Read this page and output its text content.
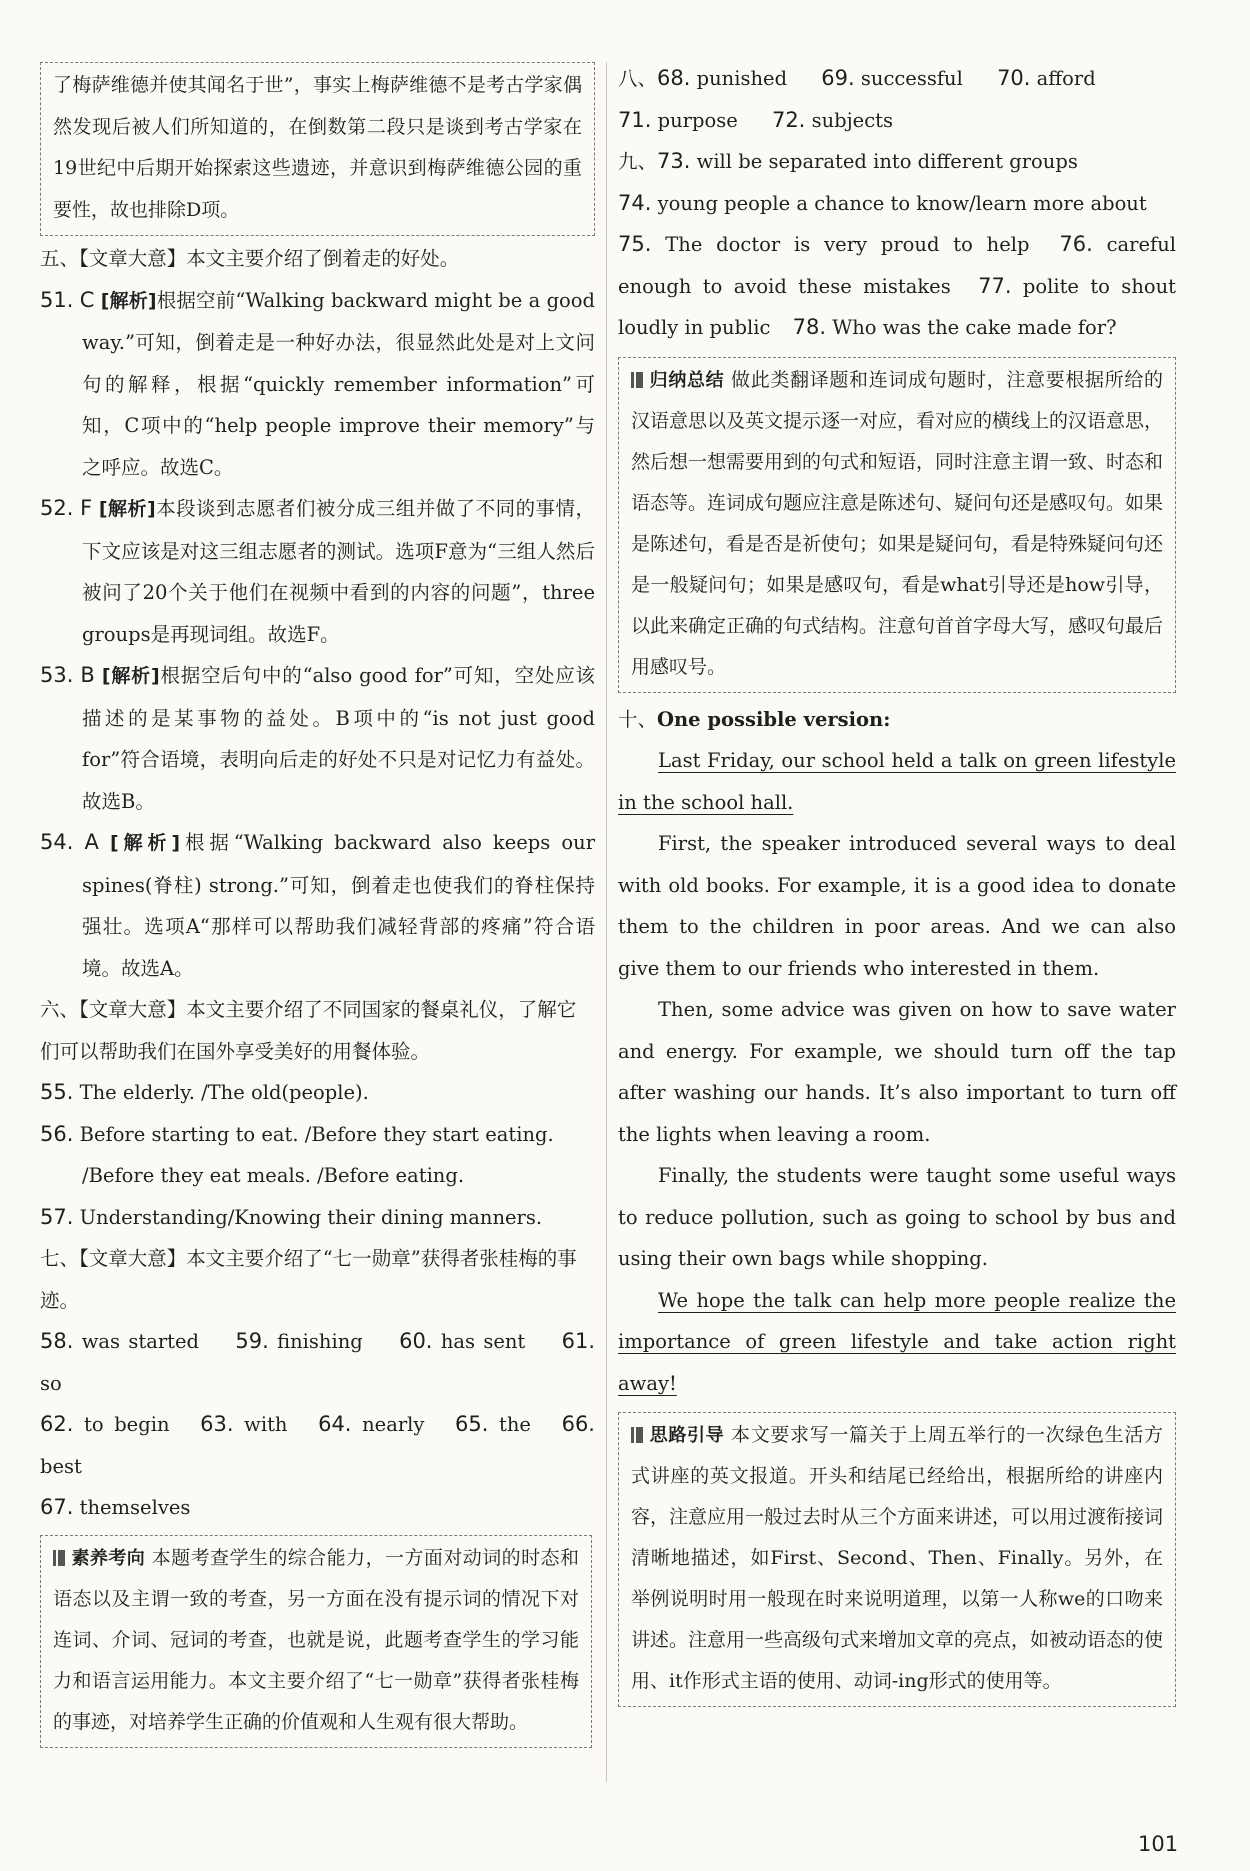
了梅萨维德并使其闻名于世”，事实上梅萨维德不是考古学家偶然发现后被人们所知道的，在倒数第二段只是谈到考古学家在19世纪中后期开始探索这些遗迹，并意识到梅萨维德公园的重要性，故也排除D项。
五、【文章大意】本文主要介绍了倒着走的好处。
51. C [解析]根据空前“Walking backward might be a good way.”可知，倒着走是一种好办法，很显然此处是对上文问句的解释，根据“quickly remember information”可知，C项中的“help people improve their memory”与之呼应。故选C。
52. F [解析]本段谈到志愿者们被分成三组并做了不同的事情，下文应该是对这三组志愿者的测试。选项F意为“三组人然后被问了20个关于他们在视频中看到的内容的问题”，three groups是再现词组。故选F。
53. B [解析]根据空后句中的“also good for”可知，空处应该描述的是某事物的益处。B项中的“is not just good for”符合语境，表明向后走的好处不只是对记忆力有益处。故选B。
54. A [解析]根据“Walking backward also keeps our spines(脊柱) strong.”可知，倒着走也使我们的脊柱保持强壮。选项A“那样可以帮助我们减轻背部的疼痛”符合语境。故选A。
六、【文章大意】本文主要介绍了不同国家的餐桌礼仪，了解它们可以帮助我们在国外享受美好的用餐体验。
55. The elderly. /The old(people).
56. Before starting to eat. /Before they start eating. /Before they eat meals. /Before eating.
57. Understanding/Knowing their dining manners.
七、【文章大意】本文主要介绍了“七一勋章”获得者张桂梅的事迹。
58. was started 59. finishing 60. has sent 61. so
62. to begin 63. with 64. nearly 65. the 66. best
67. themselves
素养考向 本题考查学生的综合能力，一方面对动词的时态和语态以及主谓一致的考查，另一方面在没有提示词的情况下对连词、介词、冠词的考查，也就是说，此题考查学生的学习能力和语言运用能力。本文主要介绍了“七一勋章”获得者张桂梅的事迹，对培养学生正确的价值观和人生观有很大帮助。
八、68. punished 69. successful 70. afford
71. purpose 72. subjects
九、73. will be separated into different groups
74. young people a chance to know/learn more about
75. The doctor is very proud to help 76. careful enough to avoid these mistakes 77. polite to shout loudly in public 78. Who was the cake made for?
归纳总结 做此类翻译题和连词成句题时，注意要根据所给的汉语意思以及英文提示逐一对应，看对应的横线上的汉语意思，然后想一想需要用到的句式和短语，同时注意主谓一致、时态和语态等。连词成句题应注意是陈述句、疑问句还是感叹句。如果是陈述句，看是否是祈使句；如果是疑问句，看是特殊疑问句还是一般疑问句；如果是感叹句，看是what引导还是how引导，以此来确定正确的句式结构。注意句首首字母大写，感叹句最后用感叹号。
十、One possible version:
Last Friday, our school held a talk on green lifestyle in the school hall.
First, the speaker introduced several ways to deal with old books. For example, it is a good idea to donate them to the children in poor areas. And we can also give them to our friends who interested in them.
Then, some advice was given on how to save water and energy. For example, we should turn off the tap after washing our hands. It’s also important to turn off the lights when leaving a room.
Finally, the students were taught some useful ways to reduce pollution, such as going to school by bus and using their own bags while shopping.
We hope the talk can help more people realize the importance of green lifestyle and take action right away!
思路引导 本文要求写一篇关于上周五举行的一次绿色生活方式讲座的英文报道。开头和结尾已经给出，根据所给的讲座内容，注意应用一般过去时从三个方面来讲述，可以用过渡衔接词清晰地描述，如First、Second、Then、Finally。另外，在举例说明时用一般现在时来说明道理，以第一人称we的口吻来讲述。注意用一些高级句式来增加文章的亮点，如被动语态的使用、it作形式主语的使用、动词-ing形式的使用等。
101
